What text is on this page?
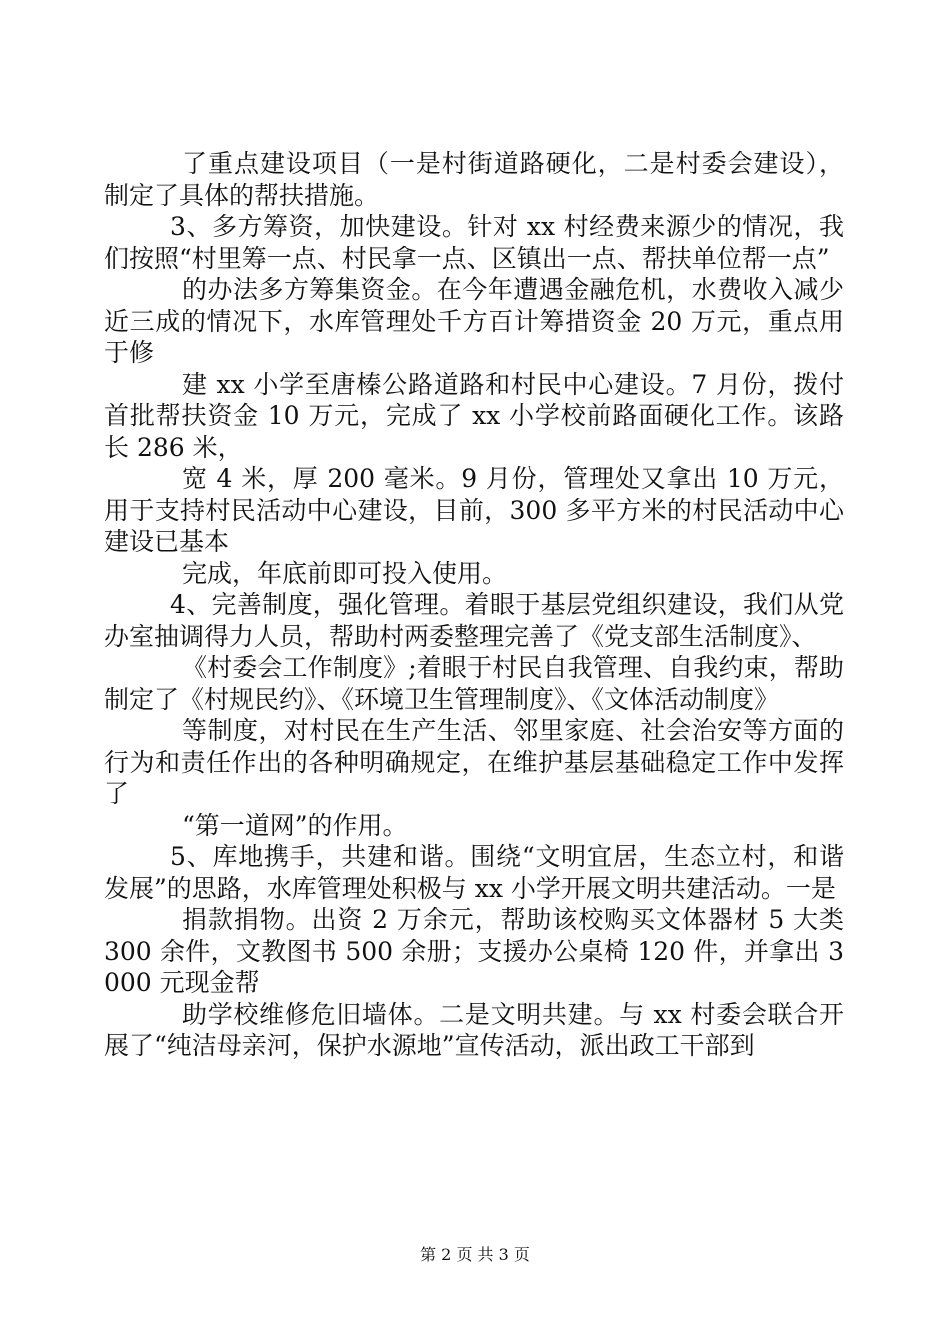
了重点建设项目（一是村街道路硬化，二是村委会建设），制定了具体的帮扶措施。

3、多方筹资，加快建设。针对 xx 村经费来源少的情况，我们按照“村里筹一点、村民拿一点、区镇出一点、帮扶单位帮一点”

的办法多方筹集资金。在今年遭遇金融危机，水费收入减少近三成的情况下，水库管理处千方百计筹措资金 20 万元，重点用于修

建 xx 小学至唐榛公路道路和村民中心建设。7 月份，拨付首批帮扶资金 10 万元，完成了 xx 小学校前路面硬化工作。该路长 286 米，

宽 4 米，厚 200 毫米。9 月份，管理处又拿出 10 万元，用于支持村民活动中心建设，目前，300 多平方米的村民活动中心建设已基本

完成，年底前即可投入使用。

4、完善制度，强化管理。着眼于基层党组织建设，我们从党办室抽调得力人员，帮助村两委整理完善了《党支部生活制度》、

《村委会工作制度》;着眼于村民自我管理、自我约束，帮助制定了《村规民约》、《环境卫生管理制度》、《文体活动制度》

等制度，对村民在生产生活、邻里家庭、社会治安等方面的行为和责任作出的各种明确规定，在维护基层基础稳定工作中发挥了

“第一道网”的作用。

5、库地携手，共建和谐。围绕“文明宜居，生态立村，和谐发展”的思路，水库管理处积极与 xx 小学开展文明共建活动。一是

捐款捐物。出资 2 万余元，帮助该校购买文体器材 5 大类 300 余件，文教图书 500 余册；支援办公桌椅 120 件，并拿出 3000 元现金帮

助学校维修危旧墙体。二是文明共建。与 xx 村委会联合开展了“纯洁母亲河，保护水源地”宣传活动，派出政工干部到

第 2 页 共 3 页
